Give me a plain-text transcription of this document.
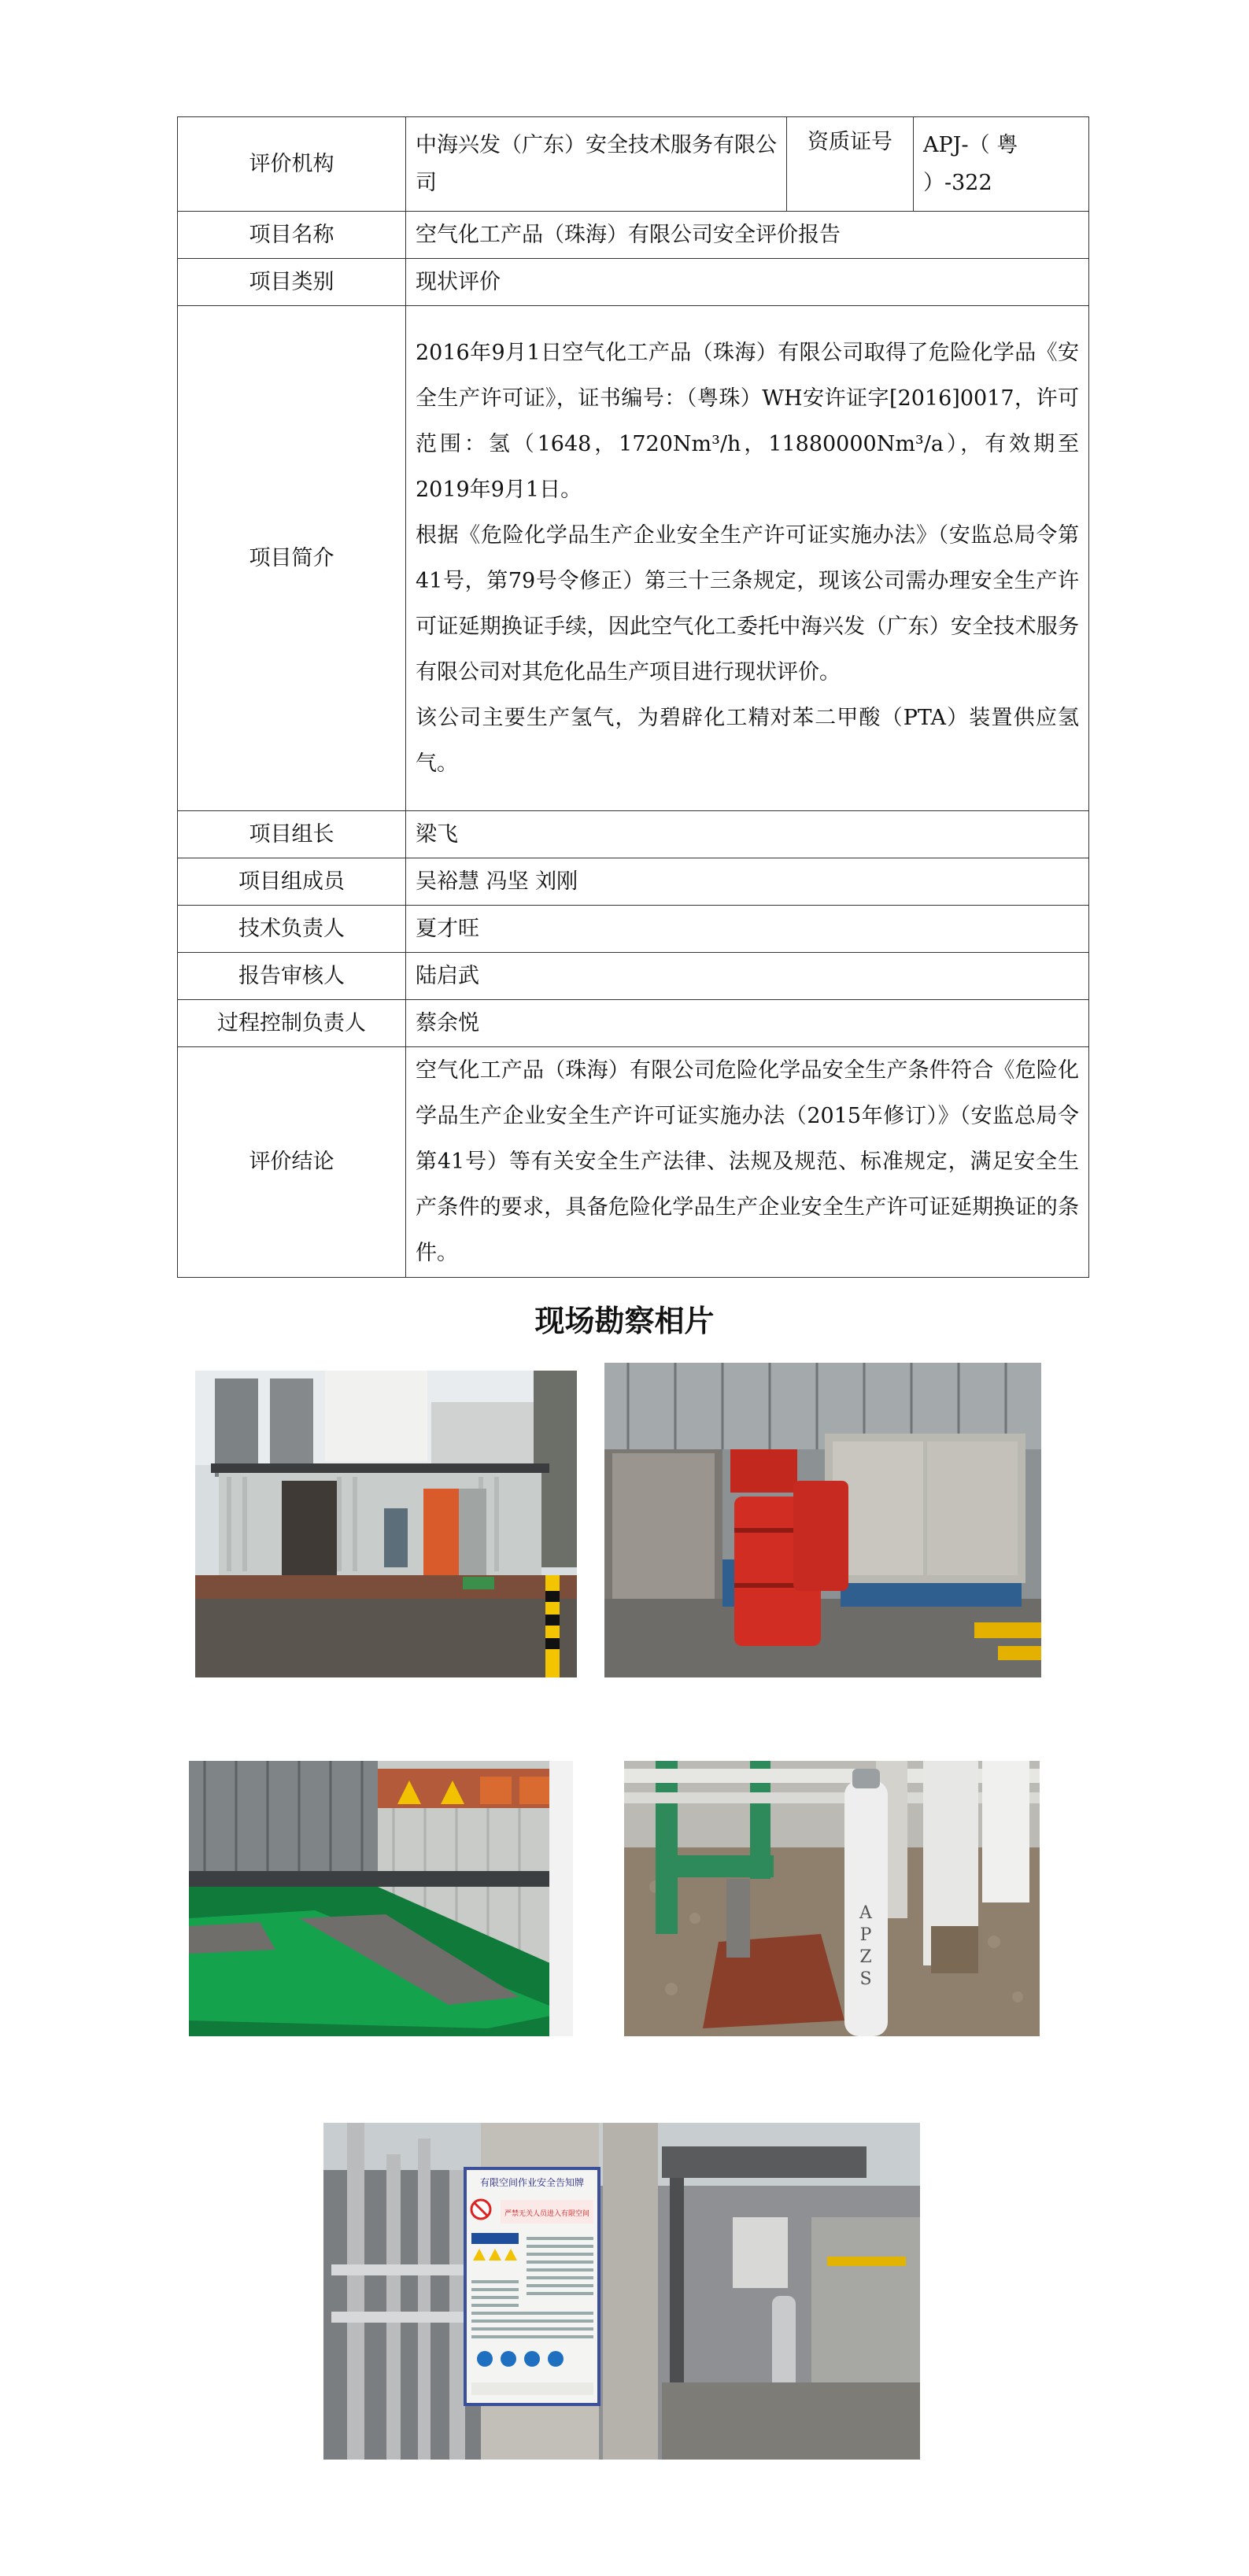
评价机构	中海兴发（广东）安全技术服务有限公司	资质证号	APJ-（ 粤 ）-322
项目名称	空气化工产品（珠海）有限公司安全评价报告		
项目类别	现状评价		
项目简介	2016年9月1日空气化工产品（珠海）有限公司取得了危险化学品《安全生产许可证》，证书编号：（粤珠）WH安许证字[2016]0017，许可范围：氢（1648，1720Nm³/h，11880000Nm³/a），有效期至2019年9月1日。
根据《危险化学品生产企业安全生产许可证实施办法》（安监总局令第41号，第79号令修正）第三十三条规定，现该公司需办理安全生产许可证延期换证手续，因此空气化工委托中海兴发（广东）安全技术服务有限公司对其危化品生产项目进行现状评价。
该公司主要生产氢气，为碧辟化工精对苯二甲酸（PTA）装置供应氢气。		

项目组长	梁飞		
项目组成员	吴裕慧 冯坚 刘刚		
技术负责人	夏才旺		
报告审核人	陆启武		
过程控制负责人	蔡余悦		
评价结论	空气化工产品（珠海）有限公司危险化学品安全生产条件符合《危险化学品生产企业安全生产许可证实施办法（2015年修订）》（安监总局令第41号）等有关安全生产法律、法规及规范、标准规定，满足安全生产条件的要求，具备危险化学品生产企业安全生产许可证延期换证的条件。		
现场勘察相片
A
P
Z
S
有限空间作业安全告知牌
严禁无关人员进入有限空间
